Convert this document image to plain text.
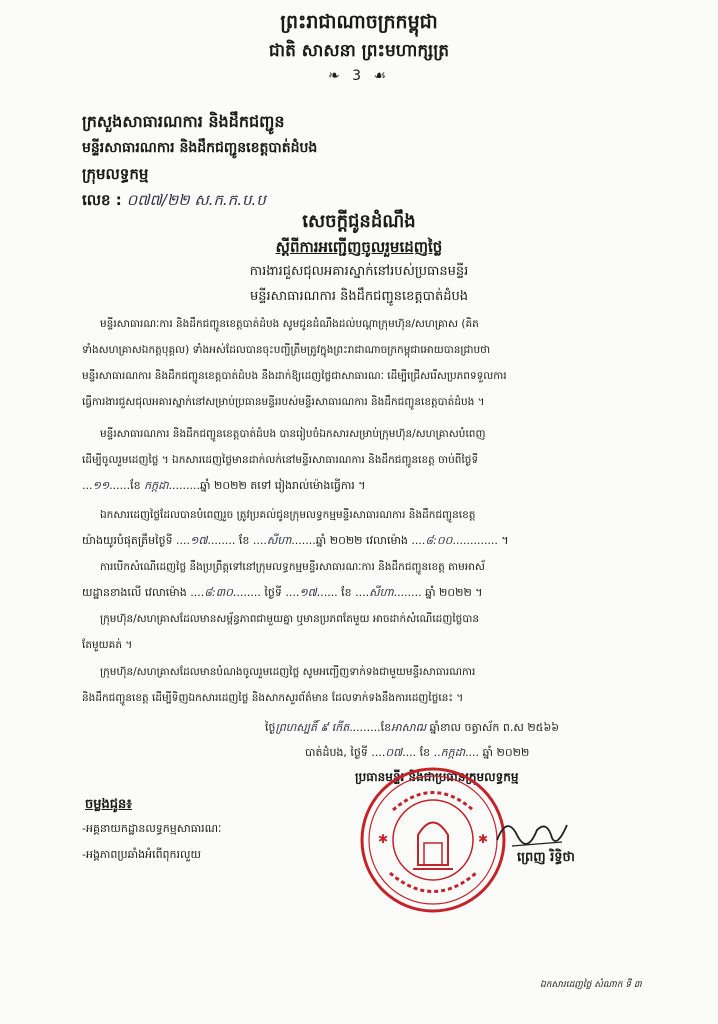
ព្រះរាជាណាចក្រកម្ពុជា
ជាតិ សាសនា ព្រះមហាក្សត្រ
❧ 3 ☙
ក្រសួងសាធារណការ និងដឹកជញ្ជូន
មន្ទីរសាធារណការ និងដឹកជញ្ជូនខេត្តបាត់ដំបង
ក្រុមលទ្ធកម្ម
លេខ : ០៧៧/២២ ស.ក.ក.ប.ប
សេចក្តីជូនដំណឹង
ស្តីពីការអញ្ជើញចូលរួមដេញថ្លៃ
ការងារជួសជុលអគារស្នាក់នៅរបស់ប្រធានមន្ទីរ
មន្ទីរសាធារណការ និងដឹកជញ្ជូនខេត្តបាត់ដំបង
មន្ទីរសាធារណៈការ និងដឹកជញ្ជូនខេត្តបាត់ដំបង សូមជូនដំណឹងដល់បណ្តាក្រុមហ៊ុន/សហគ្រាស (គិត
ទាំងសហគ្រាសឯកត្តបុគ្គល) ទាំងអស់ដែលបានចុះបញ្ជីត្រឹមត្រូវក្នុងព្រះរាជាណាចក្រកម្ពុជាអោយបានជ្រាបថា
មន្ទីរសាធារណការ និងដឹកជញ្ជូនខេត្តបាត់ដំបង នឹងដាក់ឱ្យដេញថ្លៃជាសាធារណៈ ដើម្បីជ្រើសរើសប្រភពទទួលការ
ធ្វើការងារជួសជុលអគារស្នាក់នៅសម្រាប់ប្រធានមន្ទីររបស់មន្ទីរសាធារណការ និងដឹកជញ្ជូនខេត្តបាត់ដំបង ។
មន្ទីរសាធារណការ និងដឹកជញ្ជូនខេត្តបាត់ដំបង បានរៀបចំឯកសារសម្រាប់ក្រុមហ៊ុន/សហគ្រាសបំពេញ
ដើម្បីចូលរួមដេញថ្លៃ ។ ឯកសារដេញថ្លៃមានដាក់លក់នៅមន្ទីរសាធារណការ និងដឹកជញ្ជូនខេត្ត ចាប់ពីថ្ងៃទី
...១១......ខែ កក្កដា.........ឆ្នាំ ២០២២ តទៅ រៀងរាល់ម៉ោងធ្វើការ ។
ឯកសារដេញថ្លៃដែលបានបំពេញរួច ត្រូវប្រគល់ជូនក្រុមលទ្ធកម្មមន្ទីរសាធារណការ និងដឹកជញ្ជូនខេត្ត
យ៉ាងយូរបំផុតត្រឹមថ្ងៃទី ....១៧........ ខែ ....សីហា.......ឆ្នាំ ២០២២ វេលាម៉ោង ....៨:០០............. ។
ការបើកសំណើដេញថ្លៃ នឹងប្រព្រឹត្តទៅនៅក្រុមលទ្ធកម្មមន្ទីរសាធារណៈការ និងដឹកជញ្ជូនខេត្ត តាមអាស័
យដ្ឋានខាងលើ វេលាម៉ោង ....៨:៣០........ ថ្ងៃទី ....១៧...... ខែ ....សីហា........ ឆ្នាំ ២០២២ ។
ក្រុមហ៊ុន/សហគ្រាសដែលមានសម្ព័ន្ធភាពជាមួយគ្នា ឬមានប្រភពតែមួយ អាចដាក់សំណើដេញថ្លៃបាន
តែមួយគត់ ។
ក្រុមហ៊ុន/សហគ្រាសដែលមានបំណងចូលរួមដេញថ្លៃ សូមអញ្ជើញទាក់ទងជាមួយមន្ទីរសាធារណការ
និងដឹកជញ្ជូនខេត្ត ដើម្បីទិញឯកសារដេញថ្លៃ និងសាកសួរព័ត៌មាន ដែលទាក់ទងនឹងការដេញថ្លៃនេះ ។
ថ្ងៃព្រហស្បតិ៍ ៩ កើត.........ខែអាសាឍ ឆ្នាំខាល ចត្វាស័ក ព.ស ២៥៦៦
បាត់ដំបង, ថ្ងៃទី ....០៧.... ខែ ..កក្កដា.... ឆ្នាំ ២០២២
ប្រធានមន្ទីរ និងជាប្រធានក្រុមលទ្ធកម្ម
ចម្លងជូន៖
-អគ្គនាយកដ្ឋានលទ្ធកម្មសាធារណៈ
-អង្គភាពប្រឆាំងអំពើពុករលួយ
✱	✱
ព្រេញ រិទ្ធិថា
ឯកសារដេញថ្លៃ សំណាក ទី ៣
